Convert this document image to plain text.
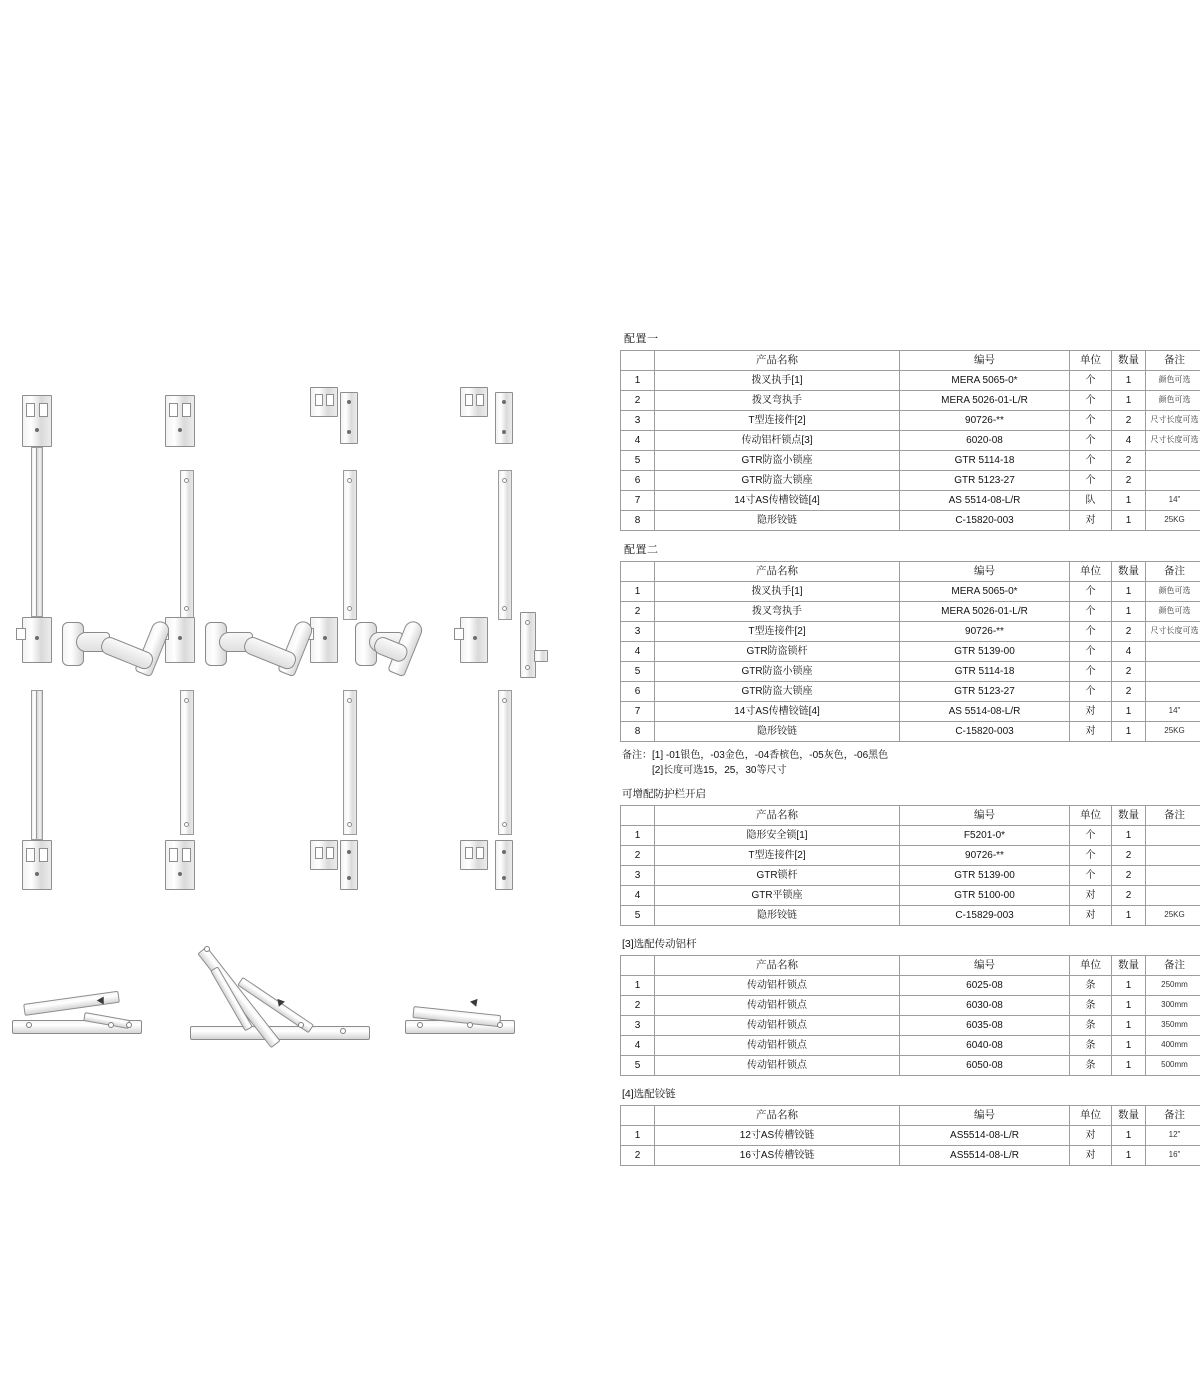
配置一
	产品名称	编号	单位	数量	备注
1	拨叉执手[1]	MERA 5065-0*	个	1	颜色可选
2	拨叉弯执手	MERA 5026-01-L/R	个	1	颜色可选
3	T型连接件[2]	90726-**	个	2	尺寸长度可选
4	传动铝杆锁点[3]	6020-08	个	4	尺寸长度可选
5	GTR防盗小锁座	GTR 5114-18	个	2	
6	GTR防盗大锁座	GTR 5123-27	个	2	
7	14寸AS传槽铰链[4]	AS 5514-08-L/R	队	1	14"
8	隐形铰链	C-15820-003	对	1	25KG
配置二
	产品名称	编号	单位	数量	备注
1	拨叉执手[1]	MERA 5065-0*	个	1	颜色可选
2	拨叉弯执手	MERA 5026-01-L/R	个	1	颜色可选
3	T型连接件[2]	90726-**	个	2	尺寸长度可选
4	GTR防盗锁杆	GTR 5139-00	个	4	
5	GTR防盗小锁座	GTR 5114-18	个	2	
6	GTR防盗大锁座	GTR 5123-27	个	2	
7	14寸AS传槽铰链[4]	AS 5514-08-L/R	对	1	14"
8	隐形铰链	C-15820-003	对	1	25KG
备注：[1] -01银色，-03金色，-04香槟色，-05灰色，-06黑色
　　　[2]长度可选15，25，30等尺寸
可增配防护栏开启
	产品名称	编号	单位	数量	备注
1	隐形安全锁[1]	F5201-0*	个	1	
2	T型连接件[2]	90726-**	个	2	
3	GTR锁杆	GTR 5139-00	个	2	
4	GTR平锁座	GTR 5100-00	对	2	
5	隐形铰链	C-15829-003	对	1	25KG
[3]选配传动铝杆
	产品名称	编号	单位	数量	备注
1	传动铝杆锁点	6025-08	条	1	250mm
2	传动铝杆锁点	6030-08	条	1	300mm
3	传动铝杆锁点	6035-08	条	1	350mm
4	传动铝杆锁点	6040-08	条	1	400mm
5	传动铝杆锁点	6050-08	条	1	500mm
[4]选配铰链
	产品名称	编号	单位	数量	备注
1	12寸AS传槽铰链	AS5514-08-L/R	对	1	12"
2	16寸AS传槽铰链	AS5514-08-L/R	对	1	16"
